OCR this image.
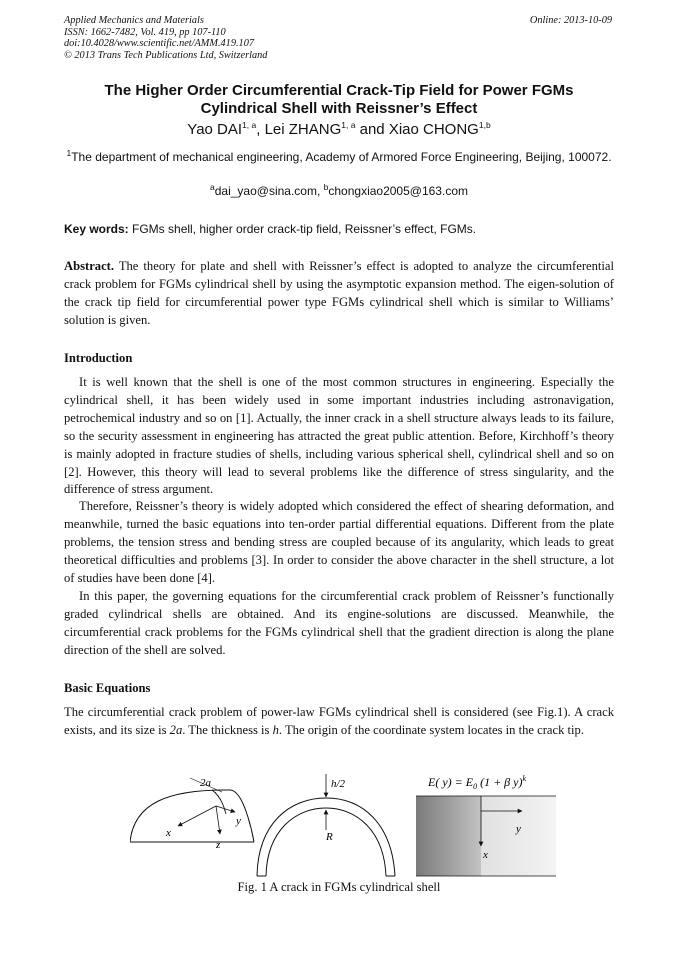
Applied Mechanics and Materials
ISSN: 1662-7482, Vol. 419, pp 107-110
doi:10.4028/www.scientific.net/AMM.419.107
© 2013 Trans Tech Publications Ltd, Switzerland
Online: 2013-10-09
The Higher Order Circumferential Crack-Tip Field for Power FGMs
Cylindrical Shell with Reissner’s Effect
Yao DAI$^{1, a}$, Lei ZHANG$^{1, a}$ and Xiao CHONG$^{1,b}$
$^1$The department of mechanical engineering, Academy of Armored Force Engineering, Beijing, 100072.
$^a$dai_yao@sina.com, $^b$chongxiao2005@163.com
Key words: FGMs shell, higher order crack-tip field, Reissner’s effect, FGMs.

Abstract. The theory for plate and shell with Reissner’s effect is adopted to analyze the circumferential crack problem for FGMs cylindrical shell by using the asymptotic expansion method. The eigen-solution of the crack tip field for circumferential power type FGMs cylindrical shell which is similar to Williams’ solution is given.

Introduction

It is well known that the shell is one of the most common structures in engineering. Especially the cylindrical shell, it has been widely used in some important industries including astronavigation, petrochemical industry and so on [1]. Actually, the inner crack in a shell structure always leads to its failure, so the security assessment in engineering has attracted the great public attention. Before, Kirchhoff’s theory is mainly adopted in fracture studies of shells, including various spherical shell, cylindrical shell and so on [2]. However, this theory will lead to several problems like the difference of stress singularity, and the difference of stress argument.

Therefore, Reissner’s theory is widely adopted which considered the effect of shearing deformation, and meanwhile, turned the basic equations into ten-order partial differential equations. Different from the plate problems, the tension stress and bending stress are coupled because of its angularity, which leads to great theoretical difficulties and problems [3]. In order to consider the above character in the shell structure, a lot of studies have been done [4].

In this paper, the governing equations for the circumferential crack problem of Reissner’s functionally graded cylindrical shells are obtained. And its engine-solutions are discussed. Meanwhile, the circumferential crack problems for the FGMs cylindrical shell that the gradient direction is along the plane direction of the shell are solved.

Basic Equations

The circumferential crack problem of power-law FGMs cylindrical shell is considered (see Fig.1). A crack exists, and its size is 2a. The thickness is h. The origin of the coordinate system locates in the crack tip.

2a
x
y
z
h/2
R
y
x
E( $y) = E_0$ (1 + β y)$^k$
Fig. 1 A crack in FGMs cylindrical shell
